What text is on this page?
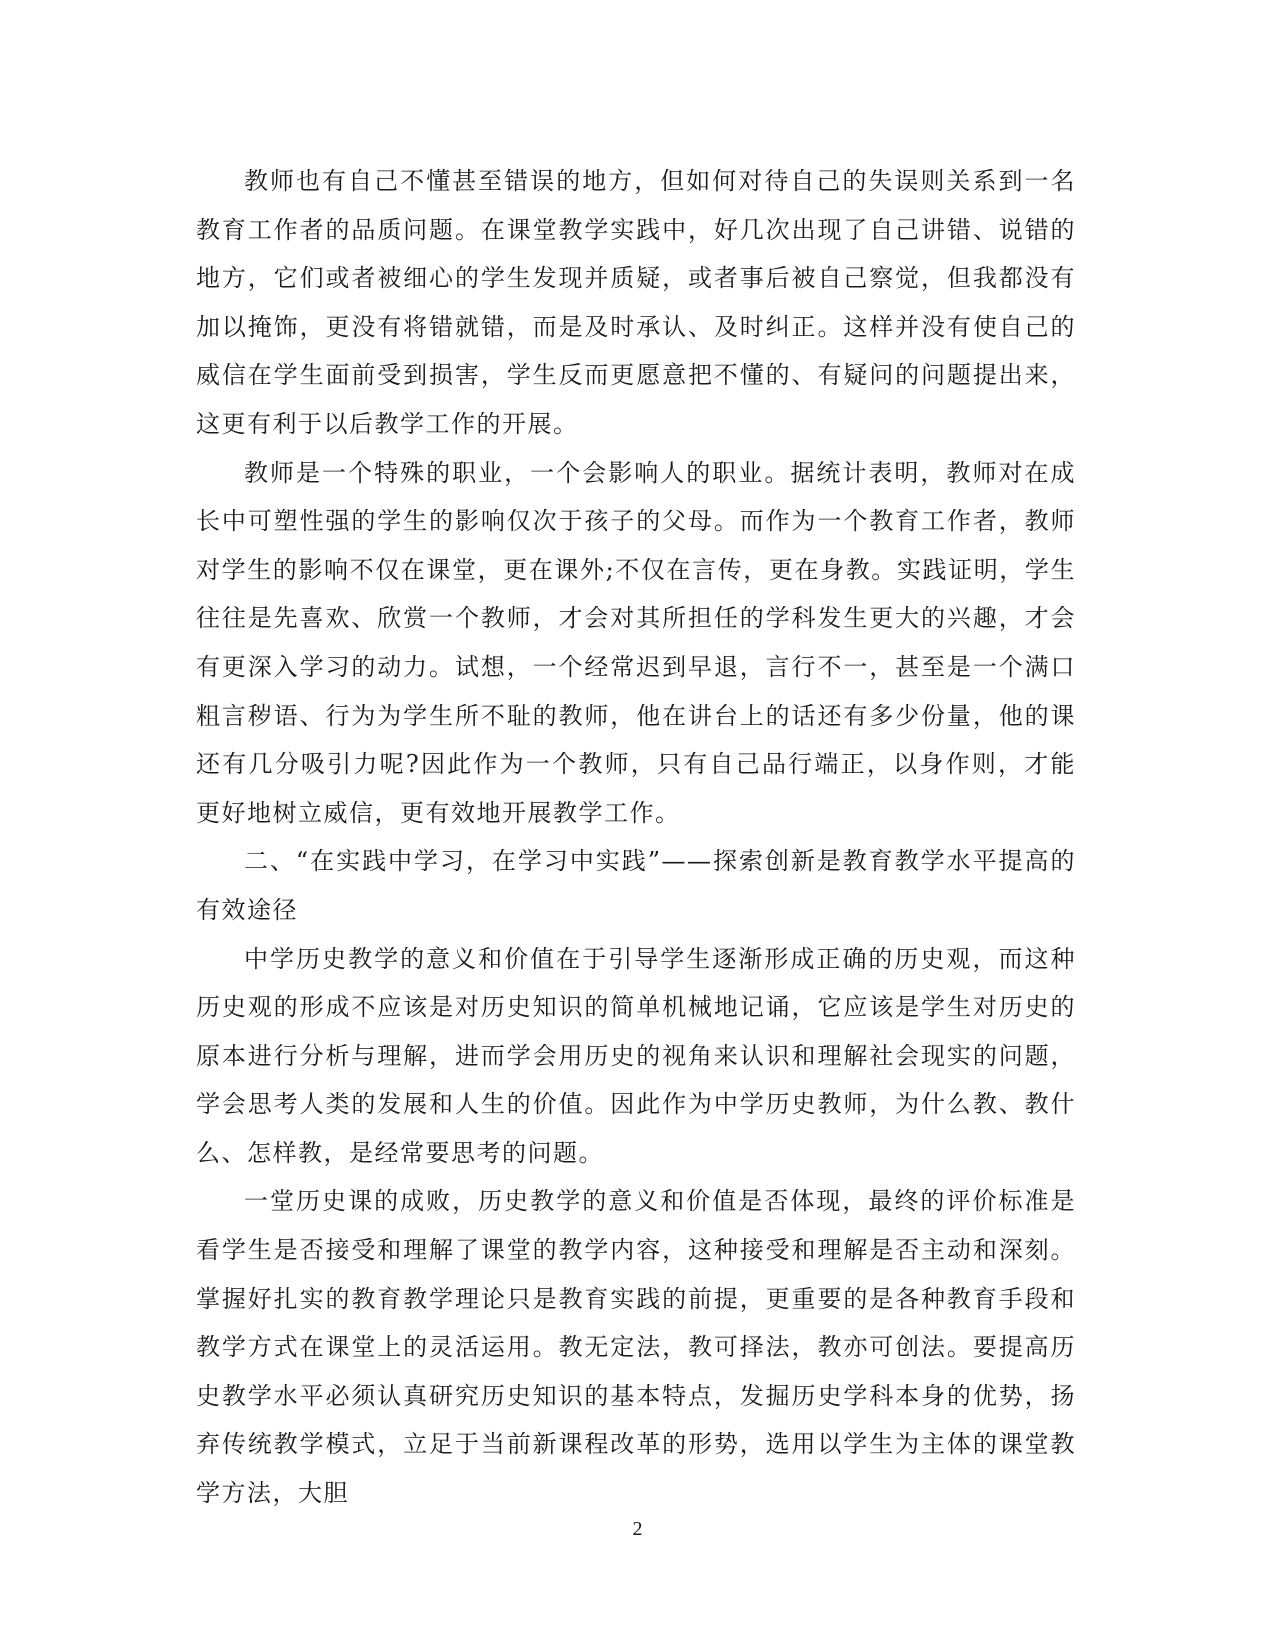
教师也有自己不懂甚至错误的地方，但如何对待自己的失误则关系到一名教育工作者的品质问题。在课堂教学实践中，好几次出现了自己讲错、说错的地方，它们或者被细心的学生发现并质疑，或者事后被自己察觉，但我都没有加以掩饰，更没有将错就错，而是及时承认、及时纠正。这样并没有使自己的威信在学生面前受到损害，学生反而更愿意把不懂的、有疑问的问题提出来，这更有利于以后教学工作的开展。

教师是一个特殊的职业，一个会影响人的职业。据统计表明，教师对在成长中可塑性强的学生的影响仅次于孩子的父母。而作为一个教育工作者，教师对学生的影响不仅在课堂，更在课外;不仅在言传，更在身教。实践证明，学生往往是先喜欢、欣赏一个教师，才会对其所担任的学科发生更大的兴趣，才会有更深入学习的动力。试想，一个经常迟到早退，言行不一，甚至是一个满口粗言秽语、行为为学生所不耻的教师，他在讲台上的话还有多少份量，他的课还有几分吸引力呢?因此作为一个教师，只有自己品行端正，以身作则，才能更好地树立威信，更有效地开展教学工作。

二、“在实践中学习，在学习中实践”——探索创新是教育教学水平提高的有效途径

中学历史教学的意义和价值在于引导学生逐渐形成正确的历史观，而这种历史观的形成不应该是对历史知识的简单机械地记诵，它应该是学生对历史的原本进行分析与理解，进而学会用历史的视角来认识和理解社会现实的问题，学会思考人类的发展和人生的价值。因此作为中学历史教师，为什么教、教什么、怎样教，是经常要思考的问题。

一堂历史课的成败，历史教学的意义和价值是否体现，最终的评价标准是看学生是否接受和理解了课堂的教学内容，这种接受和理解是否主动和深刻。掌握好扎实的教育教学理论只是教育实践的前提，更重要的是各种教育手段和教学方式在课堂上的灵活运用。教无定法，教可择法，教亦可创法。要提高历史教学水平必须认真研究历史知识的基本特点，发掘历史学科本身的优势，扬弃传统教学模式，立足于当前新课程改革的形势，选用以学生为主体的课堂教学方法，大胆

2
